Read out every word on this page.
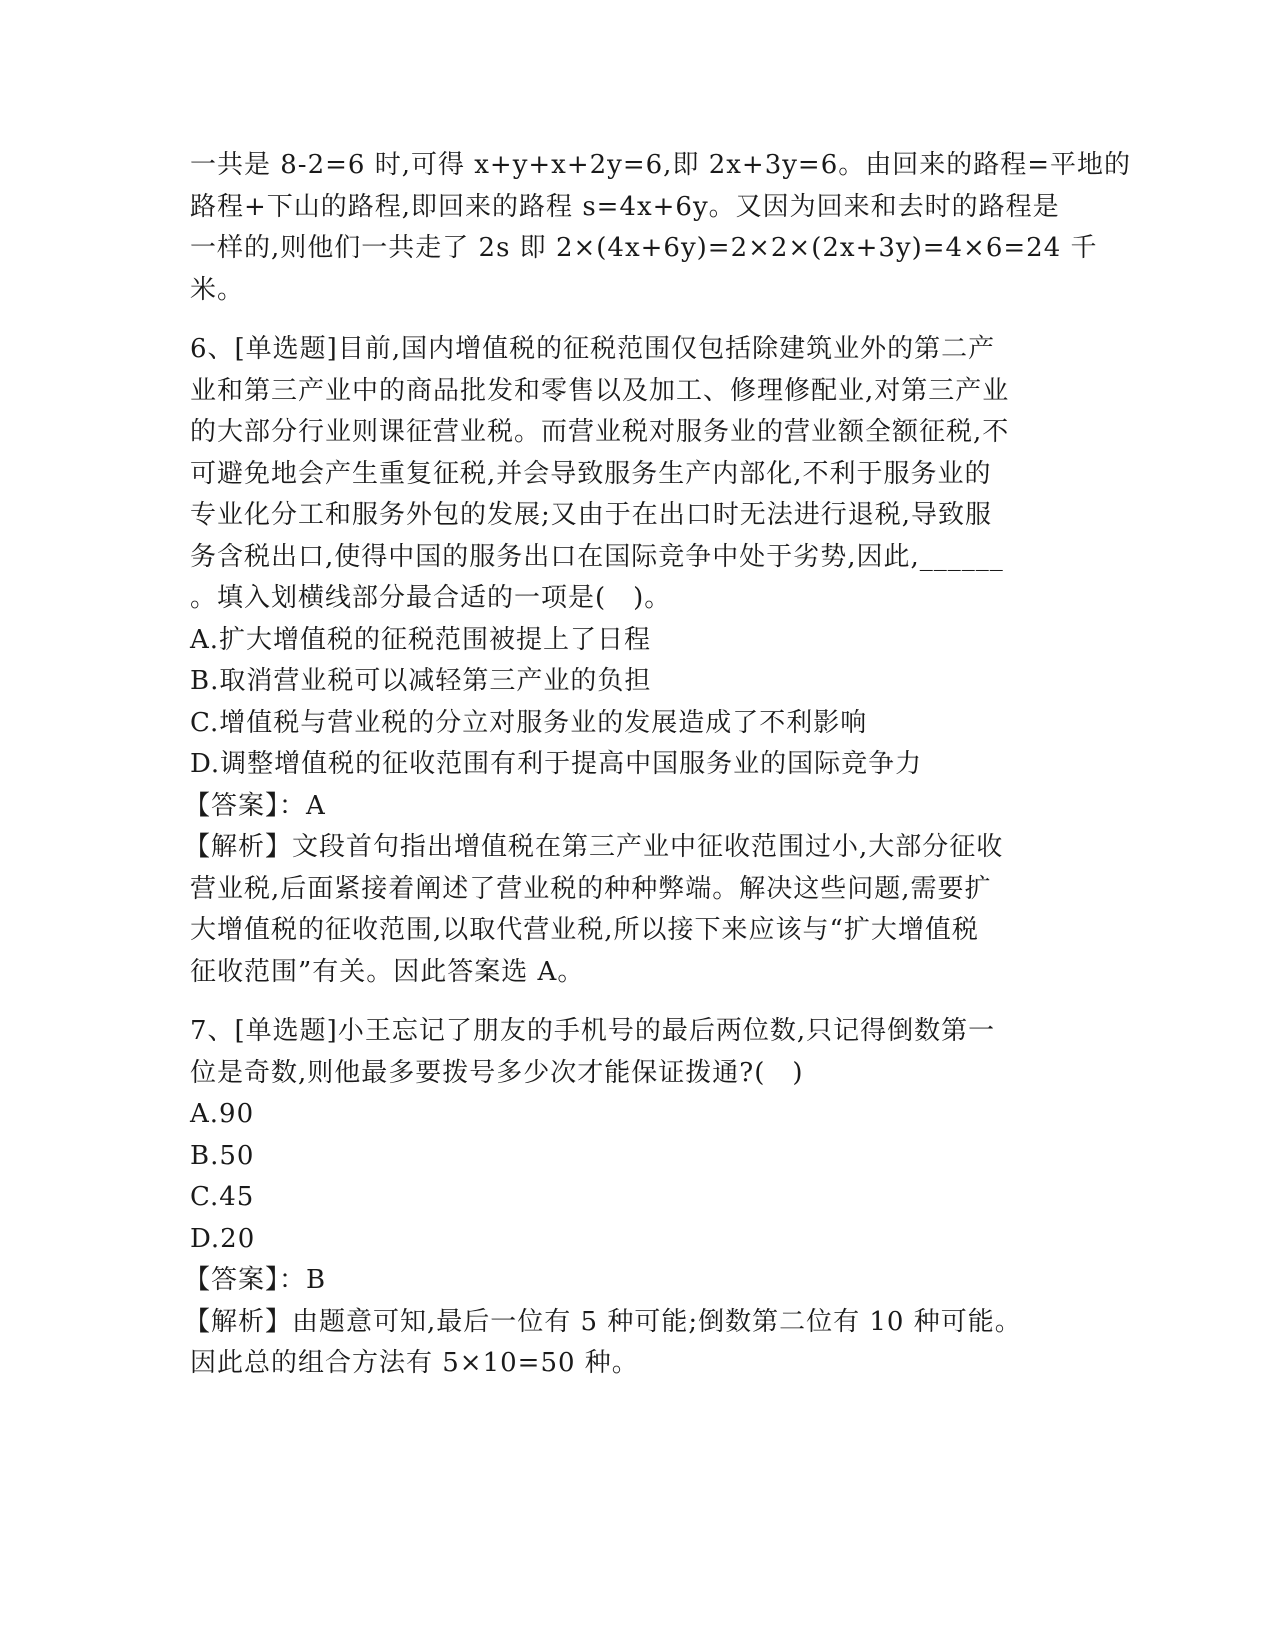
一共是 8-2=6 时,可得 x+y+x+2y=6,即 2x+3y=6。由回来的路程=平地的
路程+下山的路程,即回来的路程 s=4x+6y。又因为回来和去时的路程是
一样的,则他们一共走了 2s 即 2×(4x+6y)=2×2×(2x+3y)=4×6=24 千
米。
6、[单选题]目前,国内增值税的征税范围仅包括除建筑业外的第二产
业和第三产业中的商品批发和零售以及加工、修理修配业,对第三产业
的大部分行业则课征营业税。而营业税对服务业的营业额全额征税,不
可避免地会产生重复征税,并会导致服务生产内部化,不利于服务业的
专业化分工和服务外包的发展;又由于在出口时无法进行退税,导致服
务含税出口,使得中国的服务出口在国际竞争中处于劣势,因此,______
。填入划横线部分最合适的一项是(　)。
A.扩大增值税的征税范围被提上了日程
B.取消营业税可以减轻第三产业的负担
C.增值税与营业税的分立对服务业的发展造成了不利影响
D.调整增值税的征收范围有利于提高中国服务业的国际竞争力
【答案】：A
【解析】文段首句指出增值税在第三产业中征收范围过小,大部分征收
营业税,后面紧接着阐述了营业税的种种弊端。解决这些问题,需要扩
大增值税的征收范围,以取代营业税,所以接下来应该与“扩大增值税
征收范围”有关。因此答案选 A。
7、[单选题]小王忘记了朋友的手机号的最后两位数,只记得倒数第一
位是奇数,则他最多要拨号多少次才能保证拨通?(　)
A.90
B.50
C.45
D.20
【答案】：B
【解析】由题意可知,最后一位有 5 种可能;倒数第二位有 10 种可能。
因此总的组合方法有 5×10=50 种。
